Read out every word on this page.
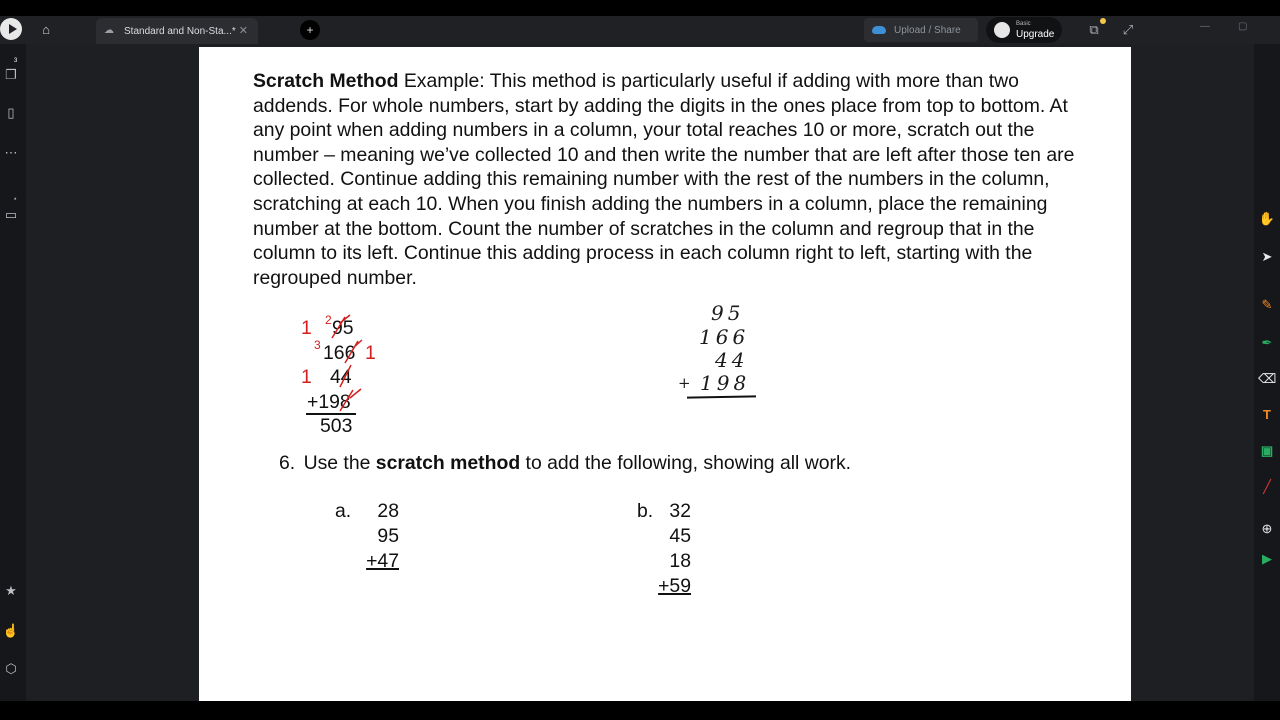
⌂	☁	Standard and Non-Sta...* ✕	+	Upload / Share
Basic
Upgrade	⧉	⤢	—	▢
❐
3
▯
⋯
▭
*
★
☝
⬡

Scratch Method Example: This method is particularly useful if adding with more than two addends. For whole numbers, start by adding the digits in the ones place from top to bottom. At any point when adding numbers in a column, your total reaches 10 or more, scratch out the number – meaning we’ve collected 10 and then write the number that are left after those ten are collected. Continue adding this remaining number with the rest of the numbers in the column, scratching at each 10. When you finish adding the numbers in a column, place the remaining number at the bottom. Count the number of scratches in the column and regroup that in the column to its left. Continue this adding process in each column right to left, starting with the regrouped number.

1 2 95
3 166 1
1 44
+198
503
95
166
44
+ 198
6. Use the scratch method to add the following, showing all work.
a.	28
95
+47
b. 32
45
18
+59
✋
➤
✎
✒
⌫
T
▣
╱
⊕
▶
